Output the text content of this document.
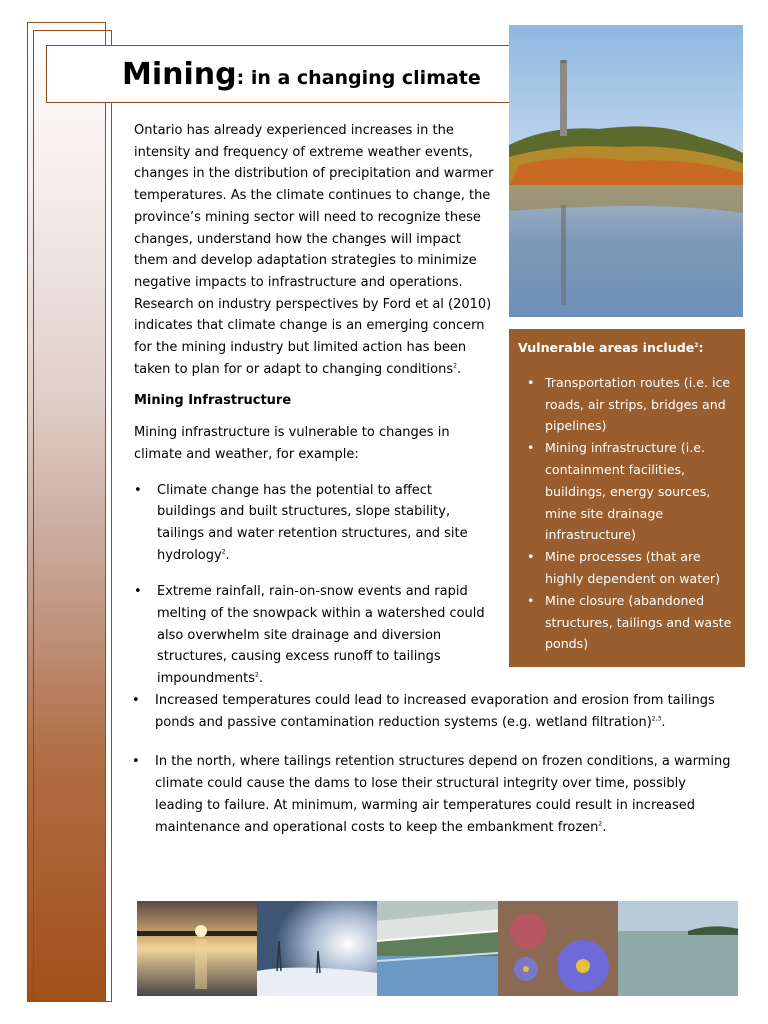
Mining: in a changing climate

Ontario has already experienced increases in the intensity and frequency of extreme weather events, changes in the distribution of precipitation and warmer temperatures. As the climate continues to change, the province’s mining sector will need to recognize these changes, understand how the changes will impact them and develop adaptation strategies to minimize negative impacts to infrastructure and operations. Research on industry perspectives by Ford et al (2010) indicates that climate change is an emerging concern for the mining industry but limited action has been taken to plan for or adapt to changing conditions$^2$.

Mining Infrastructure

Mining infrastructure is vulnerable to changes in climate and weather, for example:

• Climate change has the potential to affect buildings and built structures, slope stability, tailings and water retention structures, and site hydrology$^2$.
• Extreme rainfall, rain-on-snow events and rapid melting of the snowpack within a watershed could also overwhelm site drainage and diversion structures, causing excess runoff to tailings impoundments$^2$.

Vulnerable areas include$^2$:

• Transportation routes (i.e. ice roads, air strips, bridges and pipelines)
• Mining infrastructure (i.e. containment facilities, buildings, energy sources, mine site drainage infrastructure)
• Mine processes (that are highly dependent on water)
• Mine closure (abandoned structures, tailings and waste ponds)
• Increased temperatures could lead to increased evaporation and erosion from tailings ponds and passive contamination reduction systems (e.g. wetland filtration)$^{2,3}$.
• In the north, where tailings retention structures depend on frozen conditions, a warming climate could cause the dams to lose their structural integrity over time, possibly leading to failure. At minimum, warming air temperatures could result in increased maintenance and operational costs to keep the embankment frozen$^2$.
